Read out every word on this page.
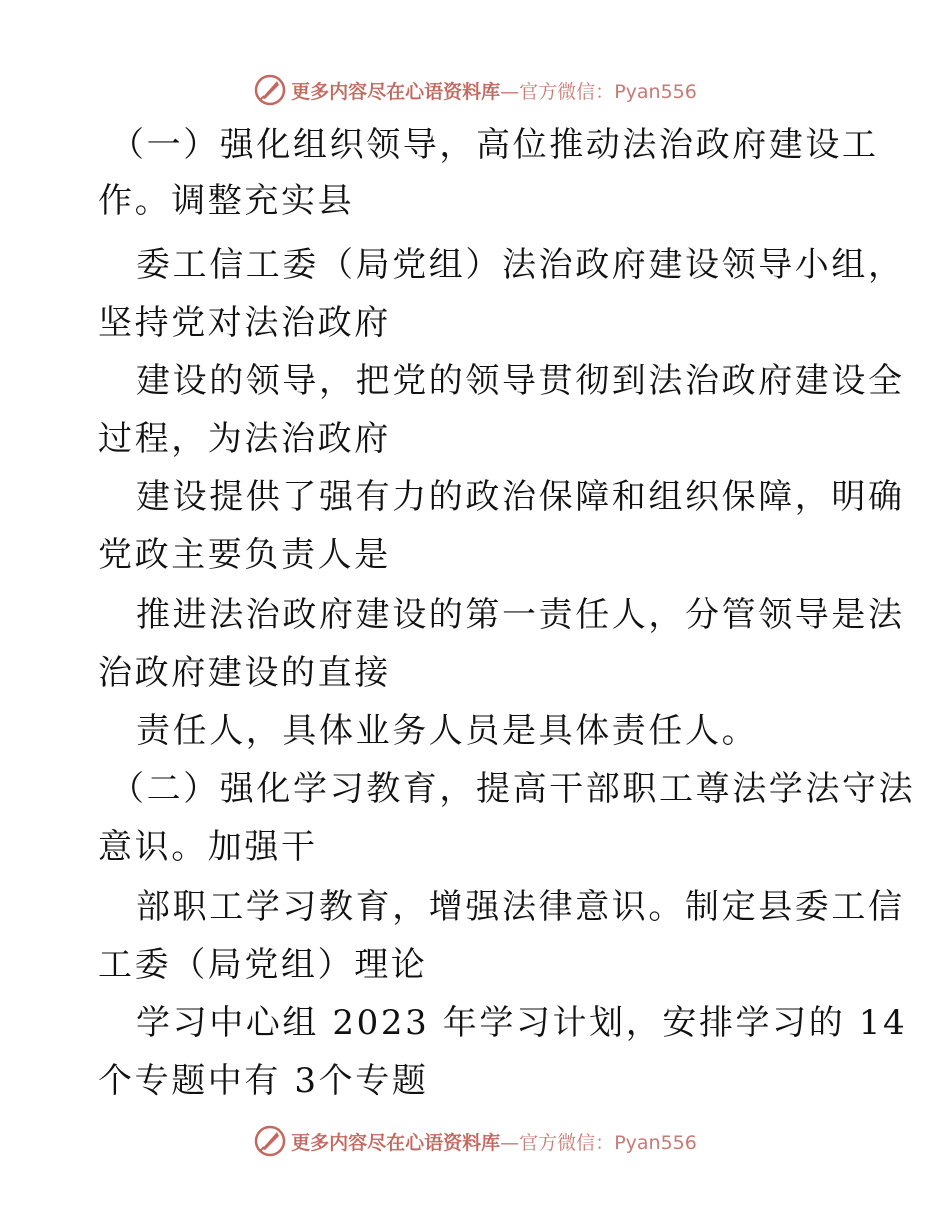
更多内容尽在心语资料库—官方微信：Pyan556
（一）强化组织领导，高位推动法治政府建设工
作。调整充实县
委工信工委（局党组）法治政府建设领导小组，
坚持党对法治政府
建设的领导，把党的领导贯彻到法治政府建设全
过程，为法治政府
建设提供了强有力的政治保障和组织保障，明确
党政主要负责人是
推进法治政府建设的第一责任人，分管领导是法
治政府建设的直接
责任人，具体业务人员是具体责任人。
（二）强化学习教育，提高干部职工尊法学法守法
意识。加强干
部职工学习教育，增强法律意识。制定县委工信
工委（局党组）理论
学习中心组 2023 年学习计划，安排学习的 14
个专题中有 3个专题
更多内容尽在心语资料库—官方微信：Pyan556
